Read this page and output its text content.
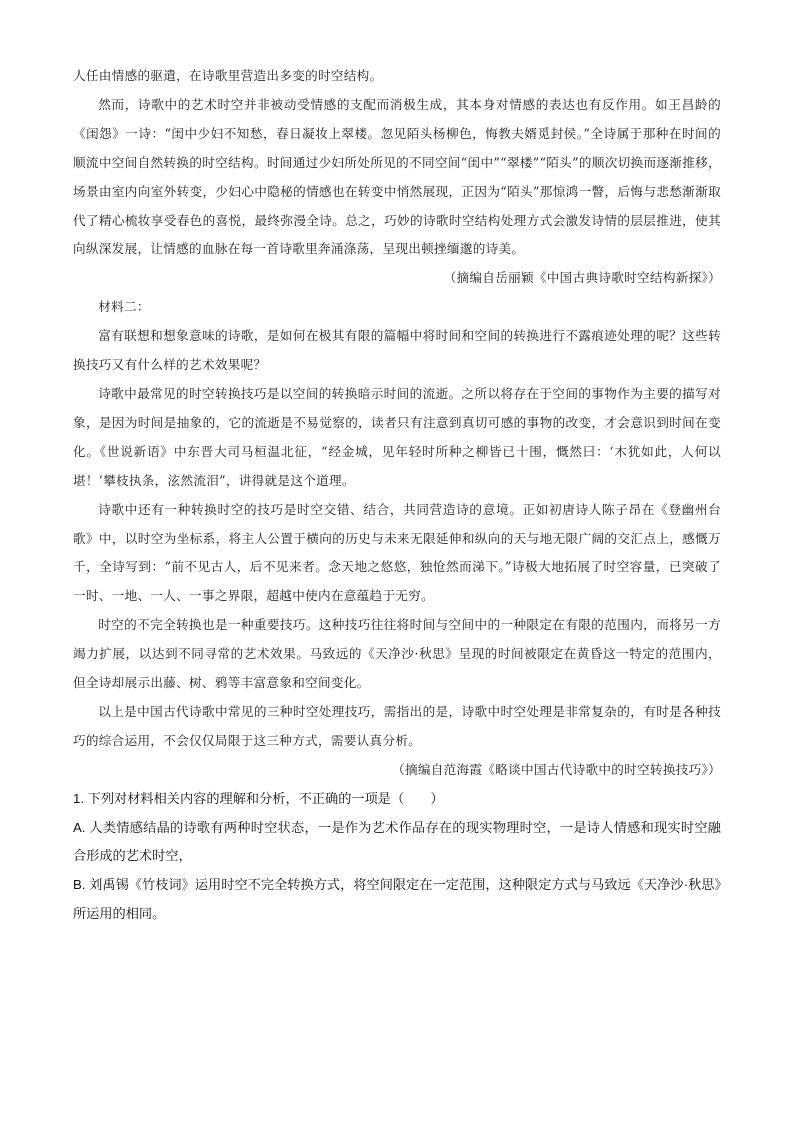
人任由情感的驱遣，在诗歌里营造出多变的时空结构。

然而，诗歌中的艺术时空并非被动受情感的支配而消极生成，其本身对情感的表达也有反作用。如王昌龄的《闺怨》一诗：“闺中少妇不知愁，春日凝妆上翠楼。忽见陌头杨柳色，悔教夫婿觅封侯。”全诗属于那种在时间的顺流中空间自然转换的时空结构。时间通过少妇所处所见的不同空间“闺中”“翠楼”“陌头”的顺次切换而逐渐推移，场景由室内向室外转变，少妇心中隐秘的情感也在转变中悄然展现，正因为“陌头”那惊鸿一瞥，后悔与悲愁渐渐取代了精心梳妆享受春色的喜悦，最终弥漫全诗。总之，巧妙的诗歌时空结构处理方式会激发诗情的层层推进，使其向纵深发展，让情感的血脉在每一首诗歌里奔涌涤荡，呈现出顿挫缅邈的诗美。

（摘编自岳丽颖《中国古典诗歌时空结构新探》）

材料二：

富有联想和想象意味的诗歌，是如何在极其有限的篇幅中将时间和空间的转换进行不露痕迹处理的呢？这些转换技巧又有什么样的艺术效果呢？

诗歌中最常见的时空转换技巧是以空间的转换暗示时间的流逝。之所以将存在于空间的事物作为主要的描写对象，是因为时间是抽象的，它的流逝是不易觉察的，读者只有注意到真切可感的事物的改变，才会意识到时间在变化。《世说新语》中东晋大司马桓温北征，“经金城，见年轻时所种之柳皆已十围，慨然曰：‘木犹如此，人何以堪！’攀枝执条，泫然流泪”，讲得就是这个道理。

诗歌中还有一种转换时空的技巧是时空交错、结合，共同营造诗的意境。正如初唐诗人陈子昂在《登幽州台歌》中，以时空为坐标系，将主人公置于横向的历史与未来无限延伸和纵向的天与地无限广阔的交汇点上，感慨万千，全诗写到：“前不见古人，后不见来者。念天地之悠悠，独怆然而涕下。”诗极大地拓展了时空容量，已突破了一时、一地、一人、一事之界限，超越中使内在意蕴趋于无穷。

时空的不完全转换也是一种重要技巧。这种技巧往往将时间与空间中的一种限定在有限的范围内，而将另一方竭力扩展，以达到不同寻常的艺术效果。马致远的《天净沙·秋思》呈现的时间被限定在黄昏这一特定的范围内，但全诗却展示出藤、树、鸦等丰富意象和空间变化。

以上是中国古代诗歌中常见的三种时空处理技巧，需指出的是，诗歌中时空处理是非常复杂的，有时是各种技巧的综合运用，不会仅仅局限于这三种方式，需要认真分析。

（摘编自范海霞《略谈中国古代诗歌中的时空转换技巧》）

1. 下列对材料相关内容的理解和分析，不正确的一项是（　　）

A. 人类情感结晶的诗歌有两种时空状态，一是作为艺术作品存在的现实物理时空，一是诗人情感和现实时空融合形成的艺术时空，

B. 刘禹锡《竹枝词》运用时空不完全转换方式，将空间限定在一定范围，这种限定方式与马致远《天净沙·秋思》所运用的相同。
